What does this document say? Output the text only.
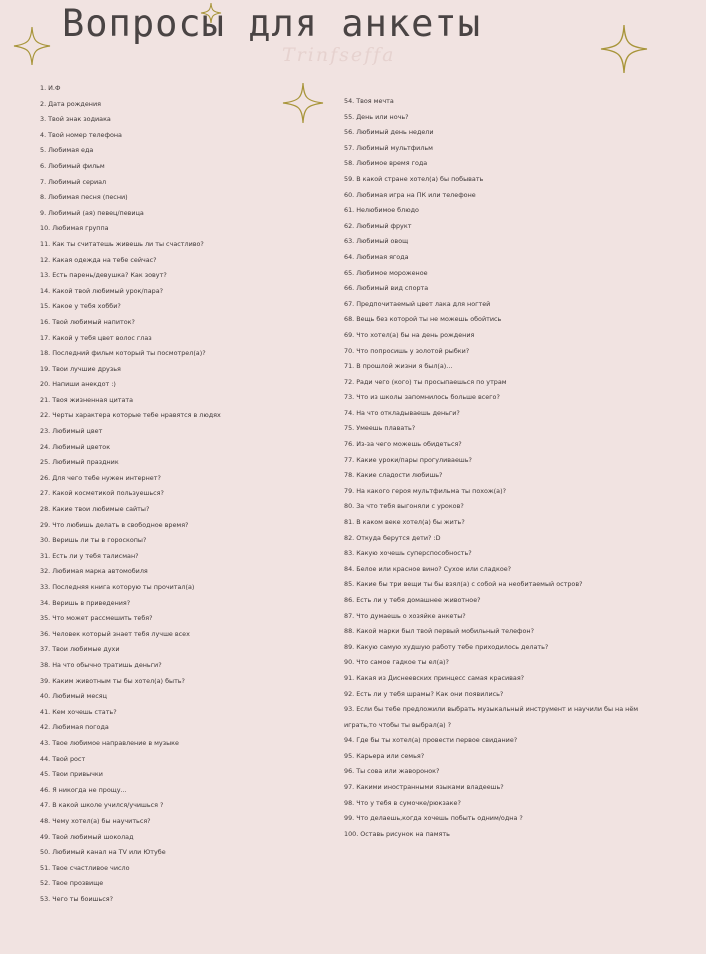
Вопросы для анкеты
Trinfseffa
1. И.Ф
2. Дата рождения
3. Твой знак зодиака
4. Твой номер телефона
5. Любимая еда
6. Любимый фильм
7. Любимый сериал
8. Любимая песня (песни)
9. Любимый (ая) певец/певица
10. Любимая группа
11. Как ты считатешь живешь ли ты счастливо?
12. Какая одежда на тебе сейчас?
13. Есть парень/девушка? Как зовут?
14. Какой твой любимый урок/пара?
15. Какое у тебя хобби?
16. Твой любимый напиток?
17. Какой у тебя цвет волос глаз
18. Последний фильм который ты посмотрел(а)?
19. Твои лучшие друзья
20. Напиши анекдот :)
21. Твоя жизненная цитата
22. Черты характера которые тебе нравятся в людях
23. Любимый цвет
24. Любимый цветок
25. Любимый праздник
26. Для чего тебе нужен интернет?
27. Какой косметикой пользуешься?
28. Какие твои любимые сайты?
29. Что любишь делать в свободное время?
30. Веришь ли ты в гороскопы?
31. Есть ли у тебя талисман?
32. Любимая марка автомобиля
33. Последняя книга которую ты прочитал(а)
34. Веришь в приведения?
35. Что может рассмешить тебя?
36. Человек который знает тебя лучше всех
37. Твои любимые духи
38. На что обычно тратишь деньги?
39. Каким животным ты бы хотел(а) быть?
40. Любимый месяц
41. Кем хочешь стать?
42. Любимая погода
43. Твое любимое направление в музыке
44. Твой рост
45. Твои привычки
46. Я никогда не прощу...
47. В какой школе учился/учишься ?
48. Чему хотел(а) бы научиться?
49. Твой любимый шоколад
50. Любимый канал на TV или Ютубе
51. Твое счастливое число
52. Твое прозвище
53. Чего ты боишься?
54. Твоя мечта
55. День или ночь?
56. Любимый день недели
57. Любимый мультфильм
58. Любимое время года
59. В какой стране хотел(а) бы побывать
60. Любимая игра на ПК или телефоне
61. Нелюбимое блюдо
62. Любимый фрукт
63. Любимый овощ
64. Любимая ягода
65. Любимое мороженое
66. Любимый вид спорта
67. Предпочитаемый цвет лака для ногтей
68. Вещь без которой ты не можешь обойтись
69. Что хотел(а) бы на день рождения
70. Что попросишь у золотой рыбки?
71. В прошлой жизни я был(а)...
72. Ради чего (кого) ты просыпаешься по утрам
73. Что из школы запомнилось больше всего?
74. На что откладываешь деньги?
75. Умеешь плавать?
76. Из-за чего можешь обидеться?
77. Какие уроки/пары прогуливаешь?
78. Какие сладости любишь?
79. На какого героя мультфильма ты похож(а)?
80. За что тебя выгоняли с уроков?
81. В каком веке хотел(а) бы жить?
82. Откуда берутся дети? :D
83. Какую хочешь суперспособность?
84. Белое или красное вино? Сухое или сладкое?
85. Какие бы три вещи ты бы взял(а) с собой на необитаемый остров?
86. Есть ли у тебя домашнее животное?
87. Что думаешь о хозяйке анкеты?
88. Какой марки был твой первый мобильный телефон?
89. Какую самую худшую работу тебе приходилось делать?
90. Что самое гадкое ты ел(а)?
91. Какая из Диснеевских принцесс самая красивая?
92. Есть ли у тебя шрамы? Как они появились?
93. Если бы тебе предложили выбрать музыкальный инструмент и научили бы на нём играть,то чтобы ты выбрал(а) ?
94. Где бы ты хотел(а) провести первое свидание?
95. Карьера или семья?
96. Ты сова или жаворонок?
97. Какими иностранными языками владеешь?
98. Что у тебя в сумочке/рюкзаке?
99. Что делаешь,когда хочешь побыть одним/одна ?
100. Оставь рисунок на память
